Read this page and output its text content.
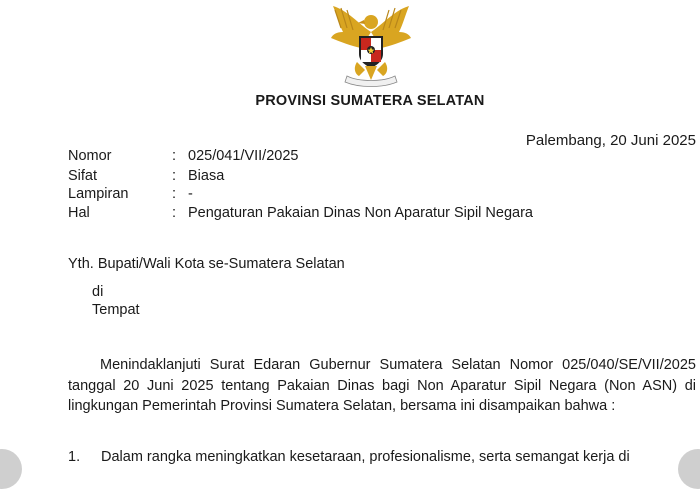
PROVINSI SUMATERA SELATAN
Palembang, 20 Juni 2025
Nomor	: 025/041/VII/2025
Sifat	: Biasa
Lampiran	: -
Hal	: Pengaturan Pakaian Dinas Non Aparatur Sipil Negara
Yth. Bupati/Wali Kota se-Sumatera Selatan
di
Tempat
Menindaklanjuti Surat Edaran Gubernur Sumatera Selatan Nomor 025/040/SE/VII/2025 tanggal 20 Juni 2025 tentang Pakaian Dinas bagi Non Aparatur Sipil Negara (Non ASN) di lingkungan Pemerintah Provinsi Sumatera Selatan, bersama ini disampaikan bahwa :
1. Dalam rangka meningkatkan kesetaraan, profesionalisme, serta semangat kerja di
